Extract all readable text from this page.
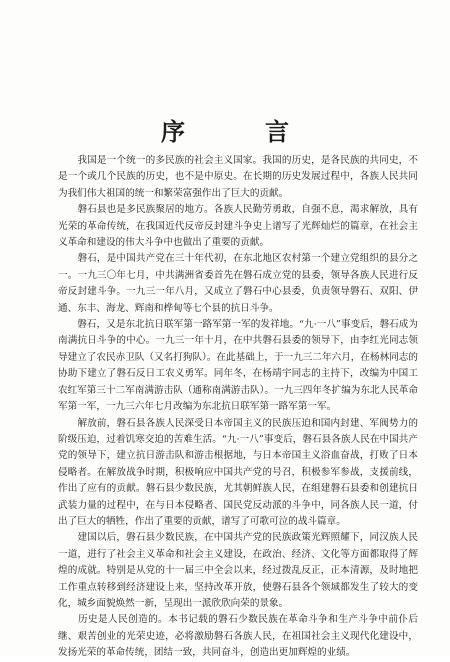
序　言

　　我国是一个统一的多民族的社会主义国家。我国的历史，是各民族的共同史，不是一个或几个民族的历史，也不是中原史。在长期的历史发展过程中，各族人民共同为我们伟大祖国的统一和繁荣富强作出了巨大的贡献。

　　磐石县也是多民族聚居的地方。各族人民勤劳勇敢，自强不息，渴求解放，具有光荣的革命传统，在我国近代反帝反封建斗争史上谱写了光辉灿烂的篇章，在社会主义革命和建设的伟大斗争中也做出了重要的贡献。

　　磐石，是中国共产党在三十年代初，在东北地区农村第一个建立党组织的县分之一。一九三〇年七月，中共满洲省委首先在磐石成立党的县委，领导各族人民进行反帝反封建斗争。一九三一年八月，又成立了磐石中心县委，负责领导磐石、双阳、伊通、东丰、海龙、辉南和桦甸等七个县的抗日斗争。

　　磐石，又是东北抗日联军第一路军第一军的发祥地。“九·一八”事变后，磐石成为南满抗日斗争的中心。一九三一年十月，在中共磐石县委的领导下，由李红光同志领导建立了农民赤卫队（又名打狗队）。在此基础上，于一九三二年六月，在杨林同志的协助下建立了磐石反日工农义勇军。同年冬，在杨靖宇同志的主持下，改编为中国工农红军第三十二军南满游击队（通称南满游击队）。一九三四年冬扩编为东北人民革命军第一军，一九三六年七月改编为东北抗日联军第一路军第一军。

　　解放前，磐石县各族人民深受日本帝国主义的民族压迫和国内封建、军阀势力的阶级压迫，过着饥寒交迫的苦难生活。“九·一八”事变后，磐石县各族人民在中国共产党的领导下，建立抗日游击队和游击根据地，与日本帝国主义浴血奋战，打败了日本侵略者。在解放战争时期，积极响应中国共产党的号召，积极参军参战，支援前线，作出了应有的贡献。磐石县少数民族，尤其朝鲜族人民，在组建磐石县委和创建抗日武装力量的过程中，在与日本侵略者、国民党反动派的斗争中，同各族人民一道，付出了巨大的牺牲，作出了重要的贡献，谱写了可歌可泣的战斗篇章。

　　建国以后，磐石县少数民族，在中国共产党的民族政策光辉照耀下，同汉族人民一道，进行了社会主义革命和社会主义建设，在政治、经济、文化等方面都取得了辉煌的成就。特别是从党的十一届三中全会以来，经过拨乱反正，正本清源，及时地把工作重点转移到经济建设上来，坚持改革开放，使磐石县各个领域都发生了较大的变化，城乡面貌焕然一新，呈现出一派欣欣向荣的景象。

　　历史是人民创造的。本书记载的磐石少数民族在革命斗争和生产斗争中前仆后继、艰苦创业的光荣史迹，必将激励磐石各族人民，在祖国社会主义现代化建设中，发扬光荣的革命传统，团结一致，共同奋斗，创造出更加辉煌的业绩。
